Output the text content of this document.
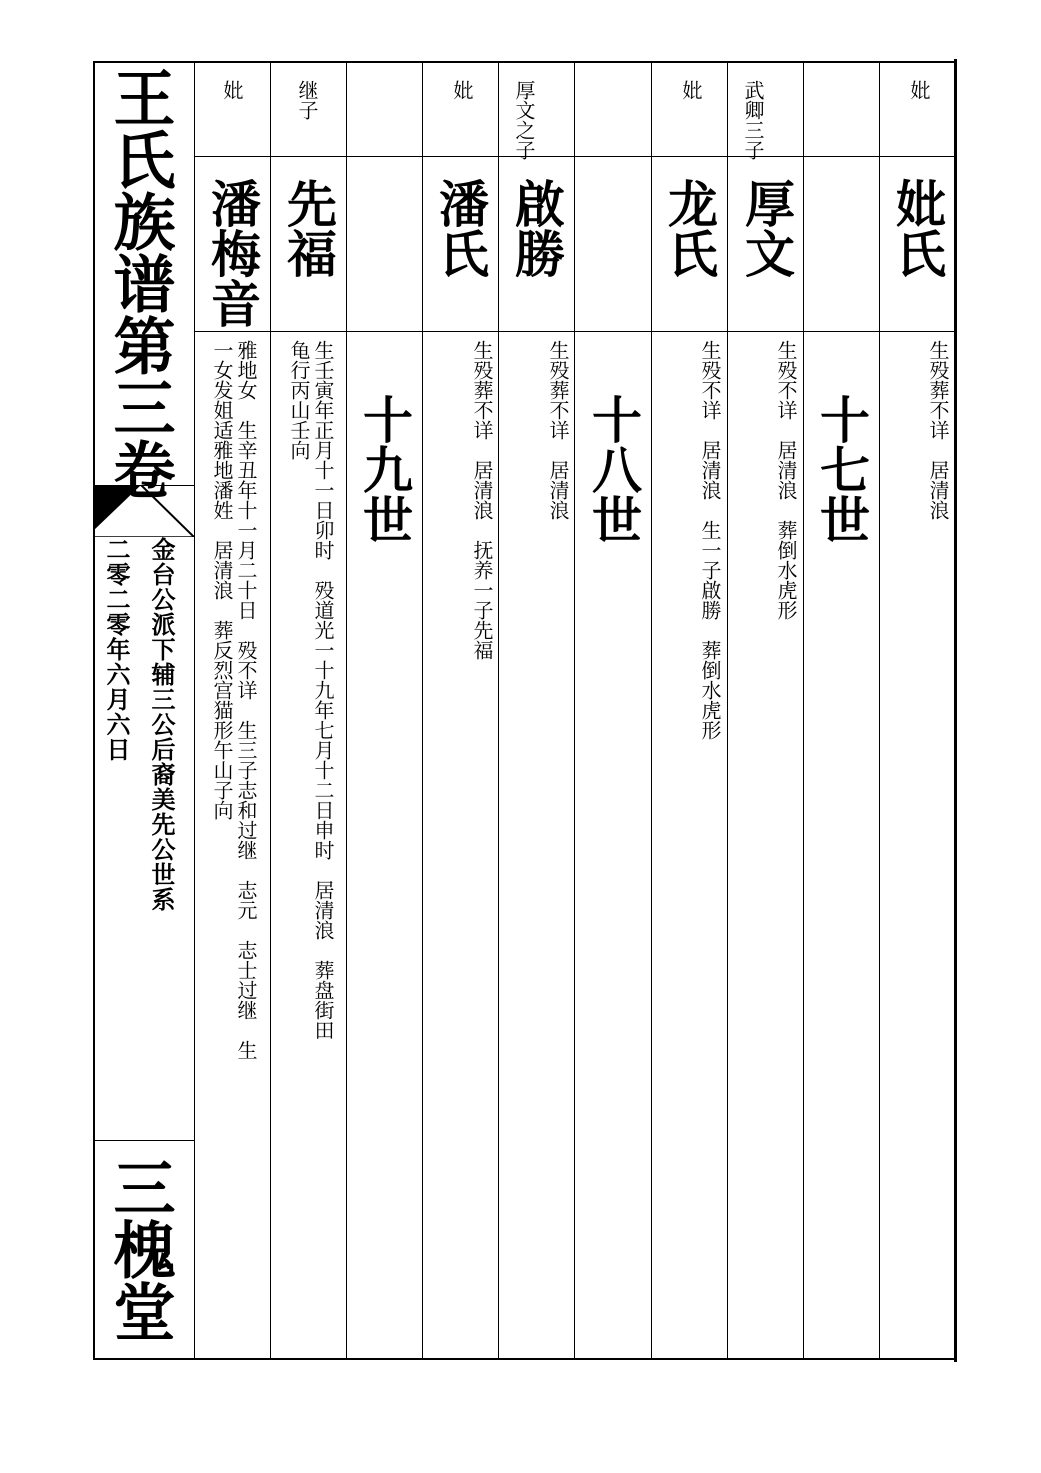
王氏族谱第三卷
金台公派下辅三公后裔美先公世系
二零二零年六月六日
三槐堂
妣
潘梅音
雅地女　生辛丑年十一月二十日　殁不详　生三子志和过继　志元　志士过继　生
一女发姐适雅地潘姓　居清浪　葬反烈宫猫形午山子向
继子
先福
生壬寅年正月十一日卯时　殁道光一十九年七月十二日申时　居清浪　葬盘街田
龟行丙山壬向 十九世
妣
潘氏
生殁葬不详　居清浪　抚养一子先福
厚文之子
啟勝
生殁葬不详　居清浪 十八世
妣
龙氏
生殁不详　居清浪　生一子啟勝　葬倒水虎形
武卿三子
厚文
生殁不详　居清浪　葬倒水虎形 十七世
妣
妣氏
生殁葬不详　居清浪
